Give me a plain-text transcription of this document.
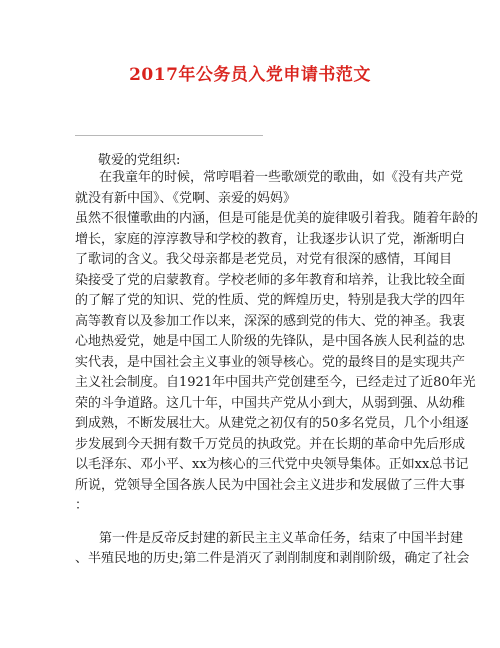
2017年公务员入党申请书范文
敬爱的党组织:
在我童年的时候，常哼唱着一些歌颂党的歌曲，如《没有共产党
就没有新中国》、《党啊、亲爱的妈妈》
虽然不很懂歌曲的内涵，但是可能是优美的旋律吸引着我。随着年龄的
增长，家庭的淳淳教导和学校的教育，让我逐步认识了党，渐渐明白
了歌词的含义。我父母亲都是老党员，对党有很深的感情，耳闻目
染接受了党的启蒙教育。学校老师的多年教育和培养，让我比较全面
的了解了党的知识、党的性质、党的辉煌历史，特别是我大学的四年
高等教育以及参加工作以来，深深的感到党的伟大、党的神圣。我衷
心地热爱党，她是中国工人阶级的先锋队，是中国各族人民利益的忠
实代表，是中国社会主义事业的领导核心。党的最终目的是实现共产
主义社会制度。自1921年中国共产党创建至今，已经走过了近80年光
荣的斗争道路。这几十年，中国共产党从小到大，从弱到强、从幼稚
到成熟，不断发展壮大。从建党之初仅有的50多名党员，几个小组逐
步发展到今天拥有数千万党员的执政党。并在长期的革命中先后形成
以毛泽东、邓小平、xx为核心的三代党中央领导集体。正如xx总书记
所说，党领导全国各族人民为中国社会主义进步和发展做了三件大事
：
第一件是反帝反封建的新民主主义革命任务，结束了中国半封建
、半殖民地的历史;第二件是消灭了剥削制度和剥削阶级，确定了社会
